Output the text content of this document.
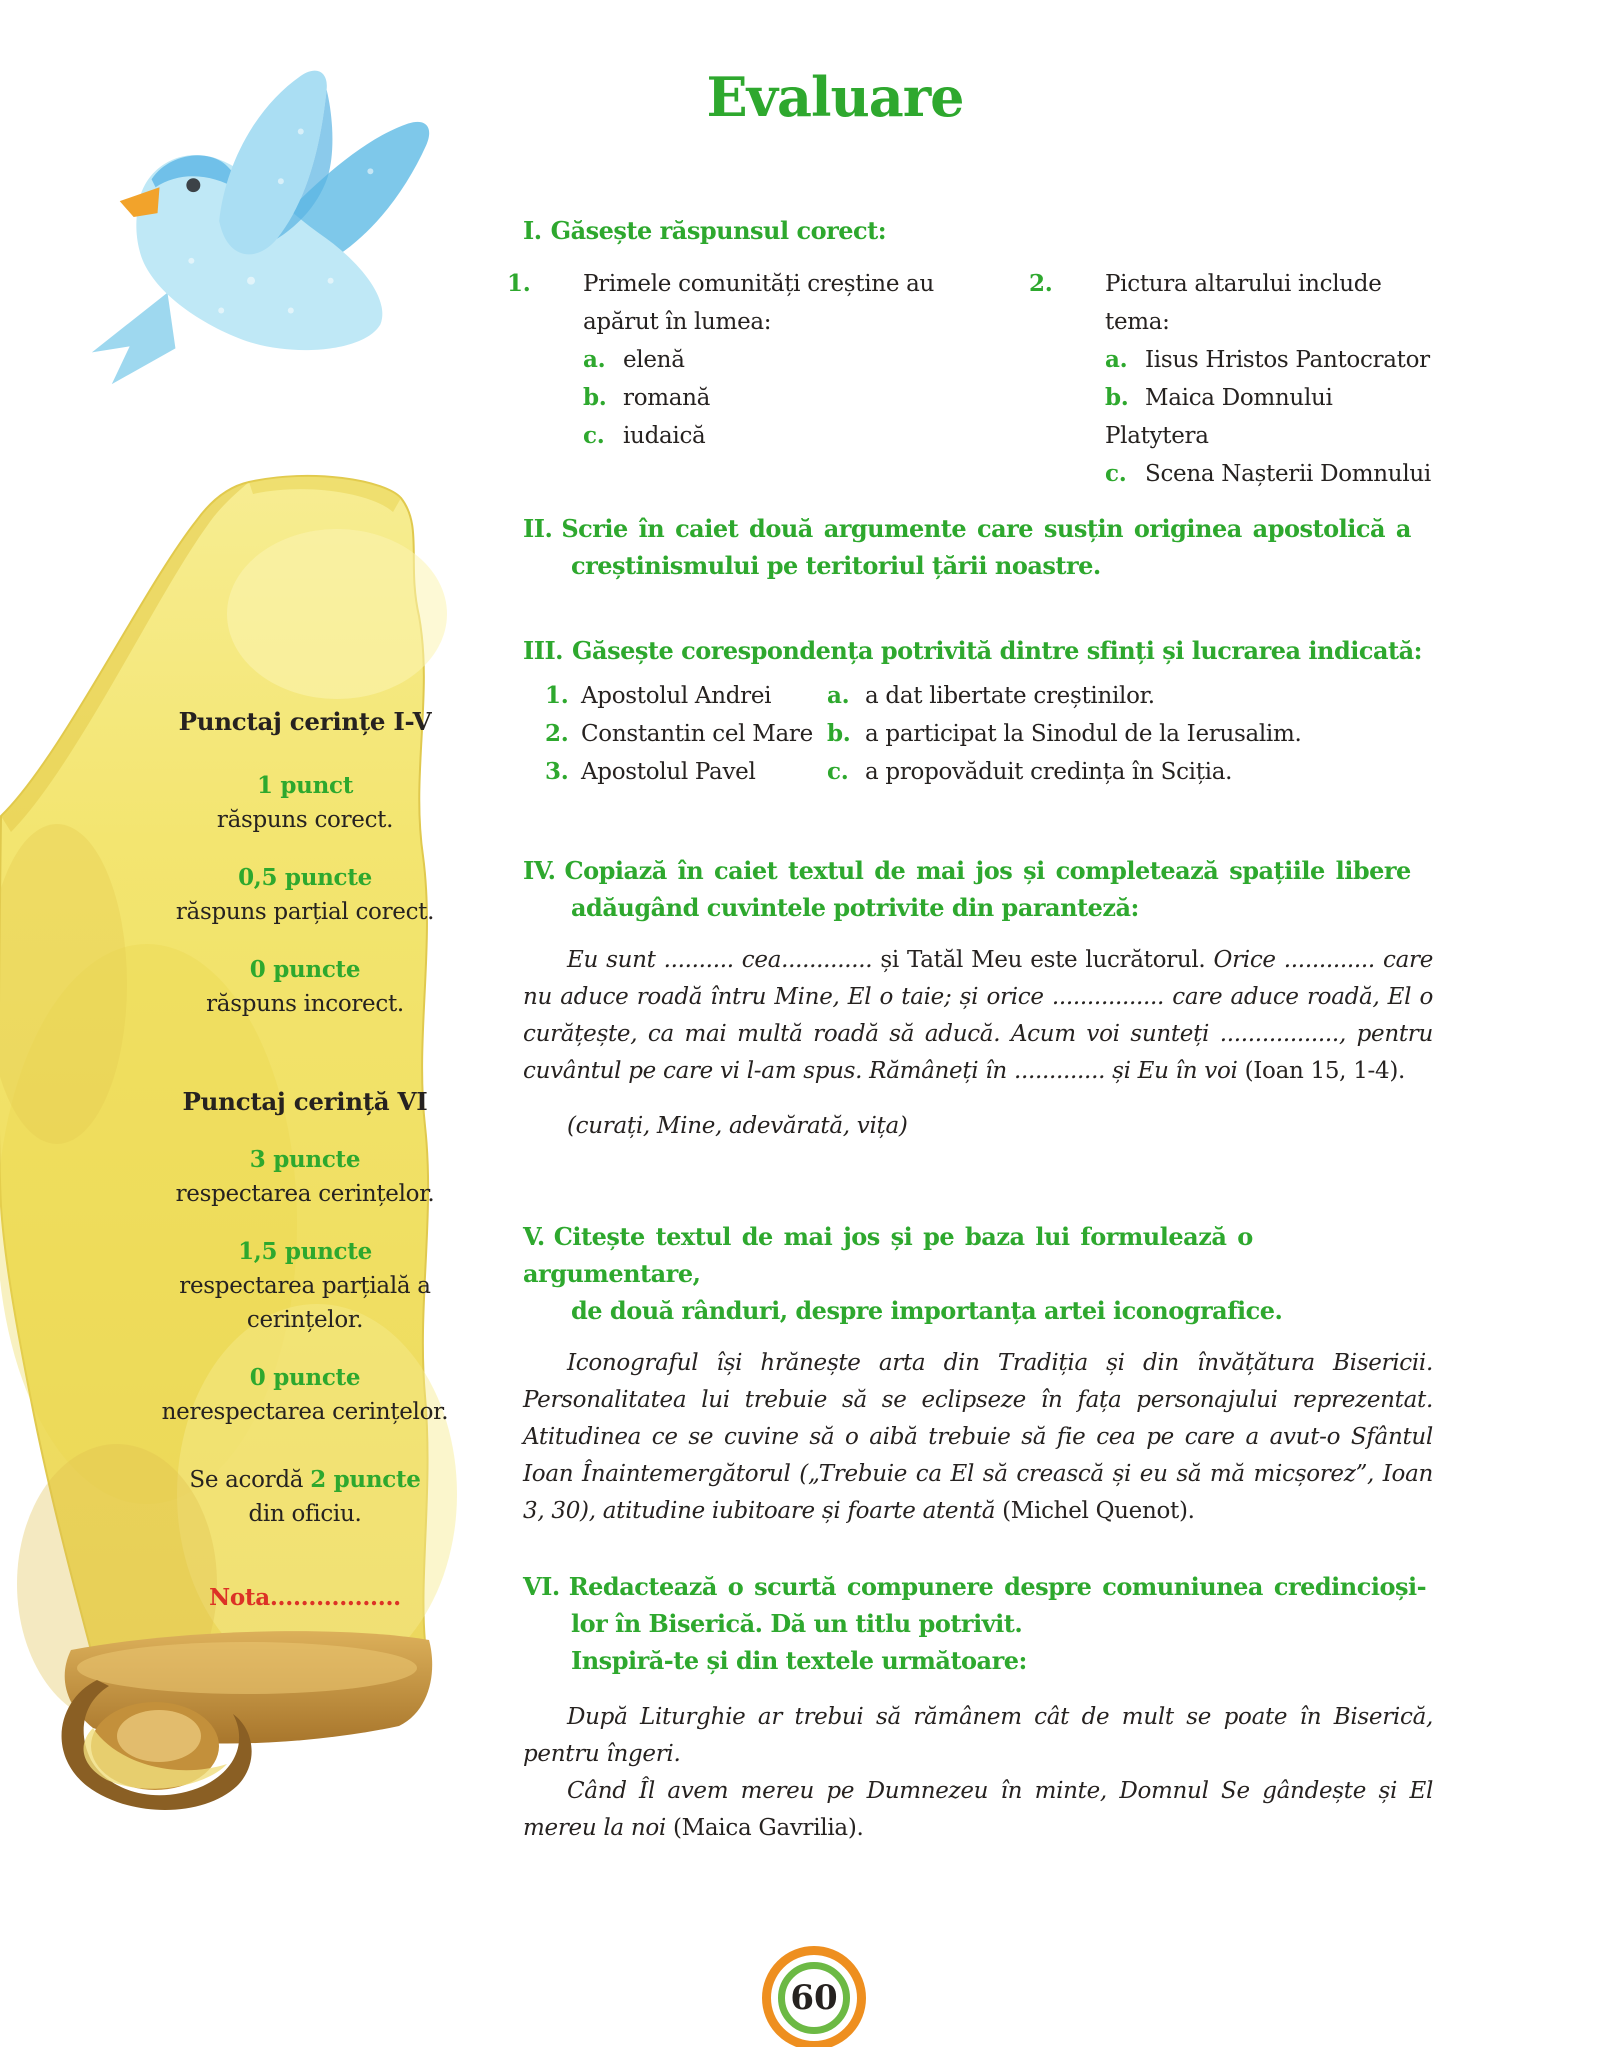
Evaluare
I. Găsește răspunsul corect:
1. Primele comunități creștine au
apărut în lumea:
a. elenă
b. romană
c. iudaică
2. Pictura altarului include
tema:
a. Iisus Hristos Pantocrator
b. Maica Domnului Platytera
c. Scena Nașterii Domnului
II. Scrie în caiet două argumente care susțin originea apostolică a
creștinismului pe teritoriul țării noastre.
III. Găsește corespondența potrivită dintre sfinți și lucrarea indicată:
1. Apostolul Andrei	a. a dat libertate creștinilor.
2. Constantin cel Mare b. a participat la Sinodul de la Ierusalim.
3. Apostolul Pavel	c. a propovăduit credința în Sciția.
IV. Copiază în caiet textul de mai jos și completează spațiile libere
adăugând cuvintele potrivite din paranteză:
Eu sunt .......... cea............. și Tatăl Meu este lucrătorul. Orice ............. care nu aduce roadă întru Mine, El o taie; și orice ................ care aduce roadă, El o curățește, ca mai multă roadă să aducă. Acum voi sunteți ................., pentru cuvântul pe care vi l-am spus. Rămâneți în ............. și Eu în voi (Ioan 15, 1-4).
(curați, Mine, adevărată, vița)
V. Citește textul de mai jos și pe baza lui formulează o argumentare,
de două rânduri, despre importanța artei iconografice.
Iconograful își hrănește arta din Tradiția și din învățătura Bisericii. Personalitatea lui trebuie să se eclipseze în fața personajului reprezentat. Atitudinea ce se cuvine să o aibă trebuie să fie cea pe care a avut-o Sfântul Ioan Înaintemergătorul („Trebuie ca El să crească și eu să mă micșorez”, Ioan 3, 30), atitudine iubitoare și foarte atentă (Michel Quenot).
VI. Redactează o scurtă compunere despre comuniunea credincioși-
lor în Biserică. Dă un titlu potrivit.
Inspiră-te și din textele următoare:
După Liturghie ar trebui să rămânem cât de mult se poate în Biserică, pentru îngeri.
Când Îl avem mereu pe Dumnezeu în minte, Domnul Se gândește și El mereu la noi (Maica Gavrilia).
Punctaj cerințe I-V
1 punct
răspuns corect.
0,5 puncte
răspuns parțial corect.
0 puncte
răspuns incorect.
Punctaj cerință VI
3 puncte
respectarea cerințelor.
1,5 puncte
respectarea parțială a cerințelor.
0 puncte
nerespectarea cerințelor.
Se acordă 2 puncte
din oficiu.
Nota.................
60
